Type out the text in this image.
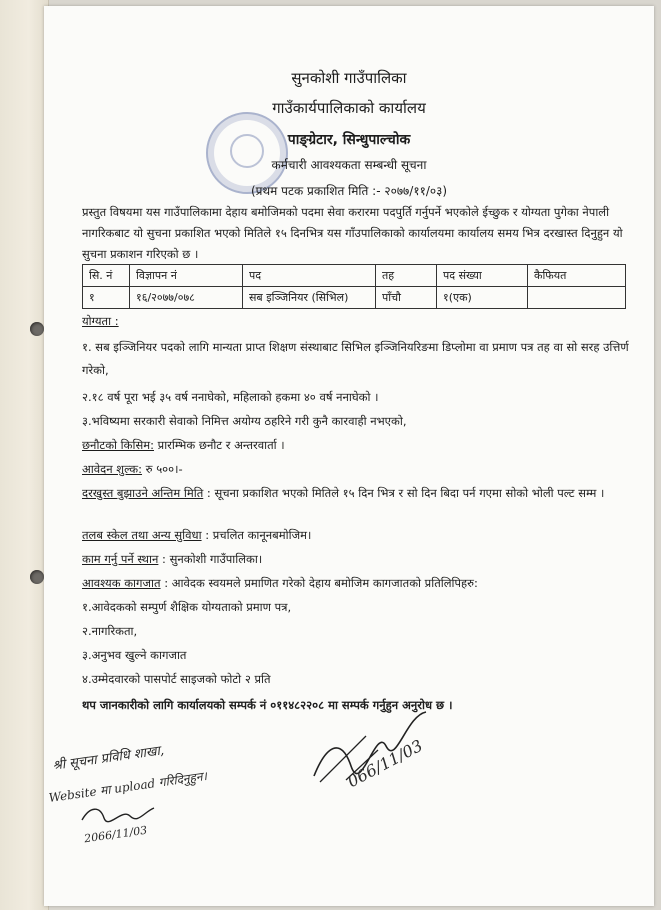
सुनकोशी गाउँपालिका
गाउँकार्यपालिकाको कार्यालय
पाङ्ग्रेटार, सिन्धुपाल्चोक
कर्मचारी आवश्यकता सम्बन्धी सूचना
(प्रथम पटक प्रकाशित मिति :- २०७७/११/०३)

प्रस्तुत विषयमा यस गाउँपालिकामा देहाय बमोजिमको पदमा सेवा करारमा पदपुर्ति गर्नुपर्ने भएकोले ईच्छुक र योग्यता पुगेका नेपाली नागरिकबाट यो सुचना प्रकाशित भएको मितिले १५ दिनभित्र यस गाँउपालिकाको कार्यालयमा कार्यालय समय भित्र दरखास्त दिनुहुन यो सुचना प्रकाशन गरिएको छ ।

सि. नं	विज्ञापन नं	पद	तह	पद संख्या	कैफियत
१	१६/२०७७/०७८	सब इञ्जिनियर (सिभिल)	पाँचौ	१(एक)	

योग्यता :

१. सब इञ्जिनियर पदको लागि मान्यता प्राप्त शिक्षण संस्थाबाट सिभिल इञ्जिनियरिङमा डिप्लोमा वा प्रमाण पत्र तह वा सो सरह उत्तिर्ण गरेको,

२.१८ वर्ष पूरा भई ३५ वर्ष ननाघेको, महिलाको हकमा ४० वर्ष ननाघेको ।

३.भविष्यमा सरकारी सेवाको निमित्त अयोग्य ठहरिने गरी कुनै कारवाही नभएको,

छनौटको किसिम: प्रारम्भिक छनौट र अन्तरवार्ता ।

आवेदन शुल्क: रु ५००।-

दरखुस्त बुझाउने अन्तिम मिति : सूचना प्रकाशित भएको मितिले १५ दिन भित्र र सो दिन बिदा पर्न गएमा सोको भोली पल्ट सम्म ।

तलब स्केल तथा अन्य सुविधा : प्रचलित कानूनबमोजिम।

काम गर्नु पर्ने स्थान : सुनकोशी गाउँपालिका।

आवश्यक कागजात : आवेदक स्वयमले प्रमाणित गरेको देहाय बमोजिम कागजातको प्रतिलिपिहरु:

१.आवेदकको सम्पुर्ण शैक्षिक योग्यताको प्रमाण पत्र,

२.नागरिकता,

३.अनुभव खुल्ने कागजात

४.उम्मेदवारको पासपोर्ट साइजको फोटो २ प्रति

थप जानकारीको लागि कार्यालयको सम्पर्क नं ०११४८२२०८ मा सम्पर्क गर्नुहुन अनुरोध छ ।

066/11/03
श्री सूचना प्रविधि शाखा,
Website मा upload गरिदिनुहुन।
2066/11/03
